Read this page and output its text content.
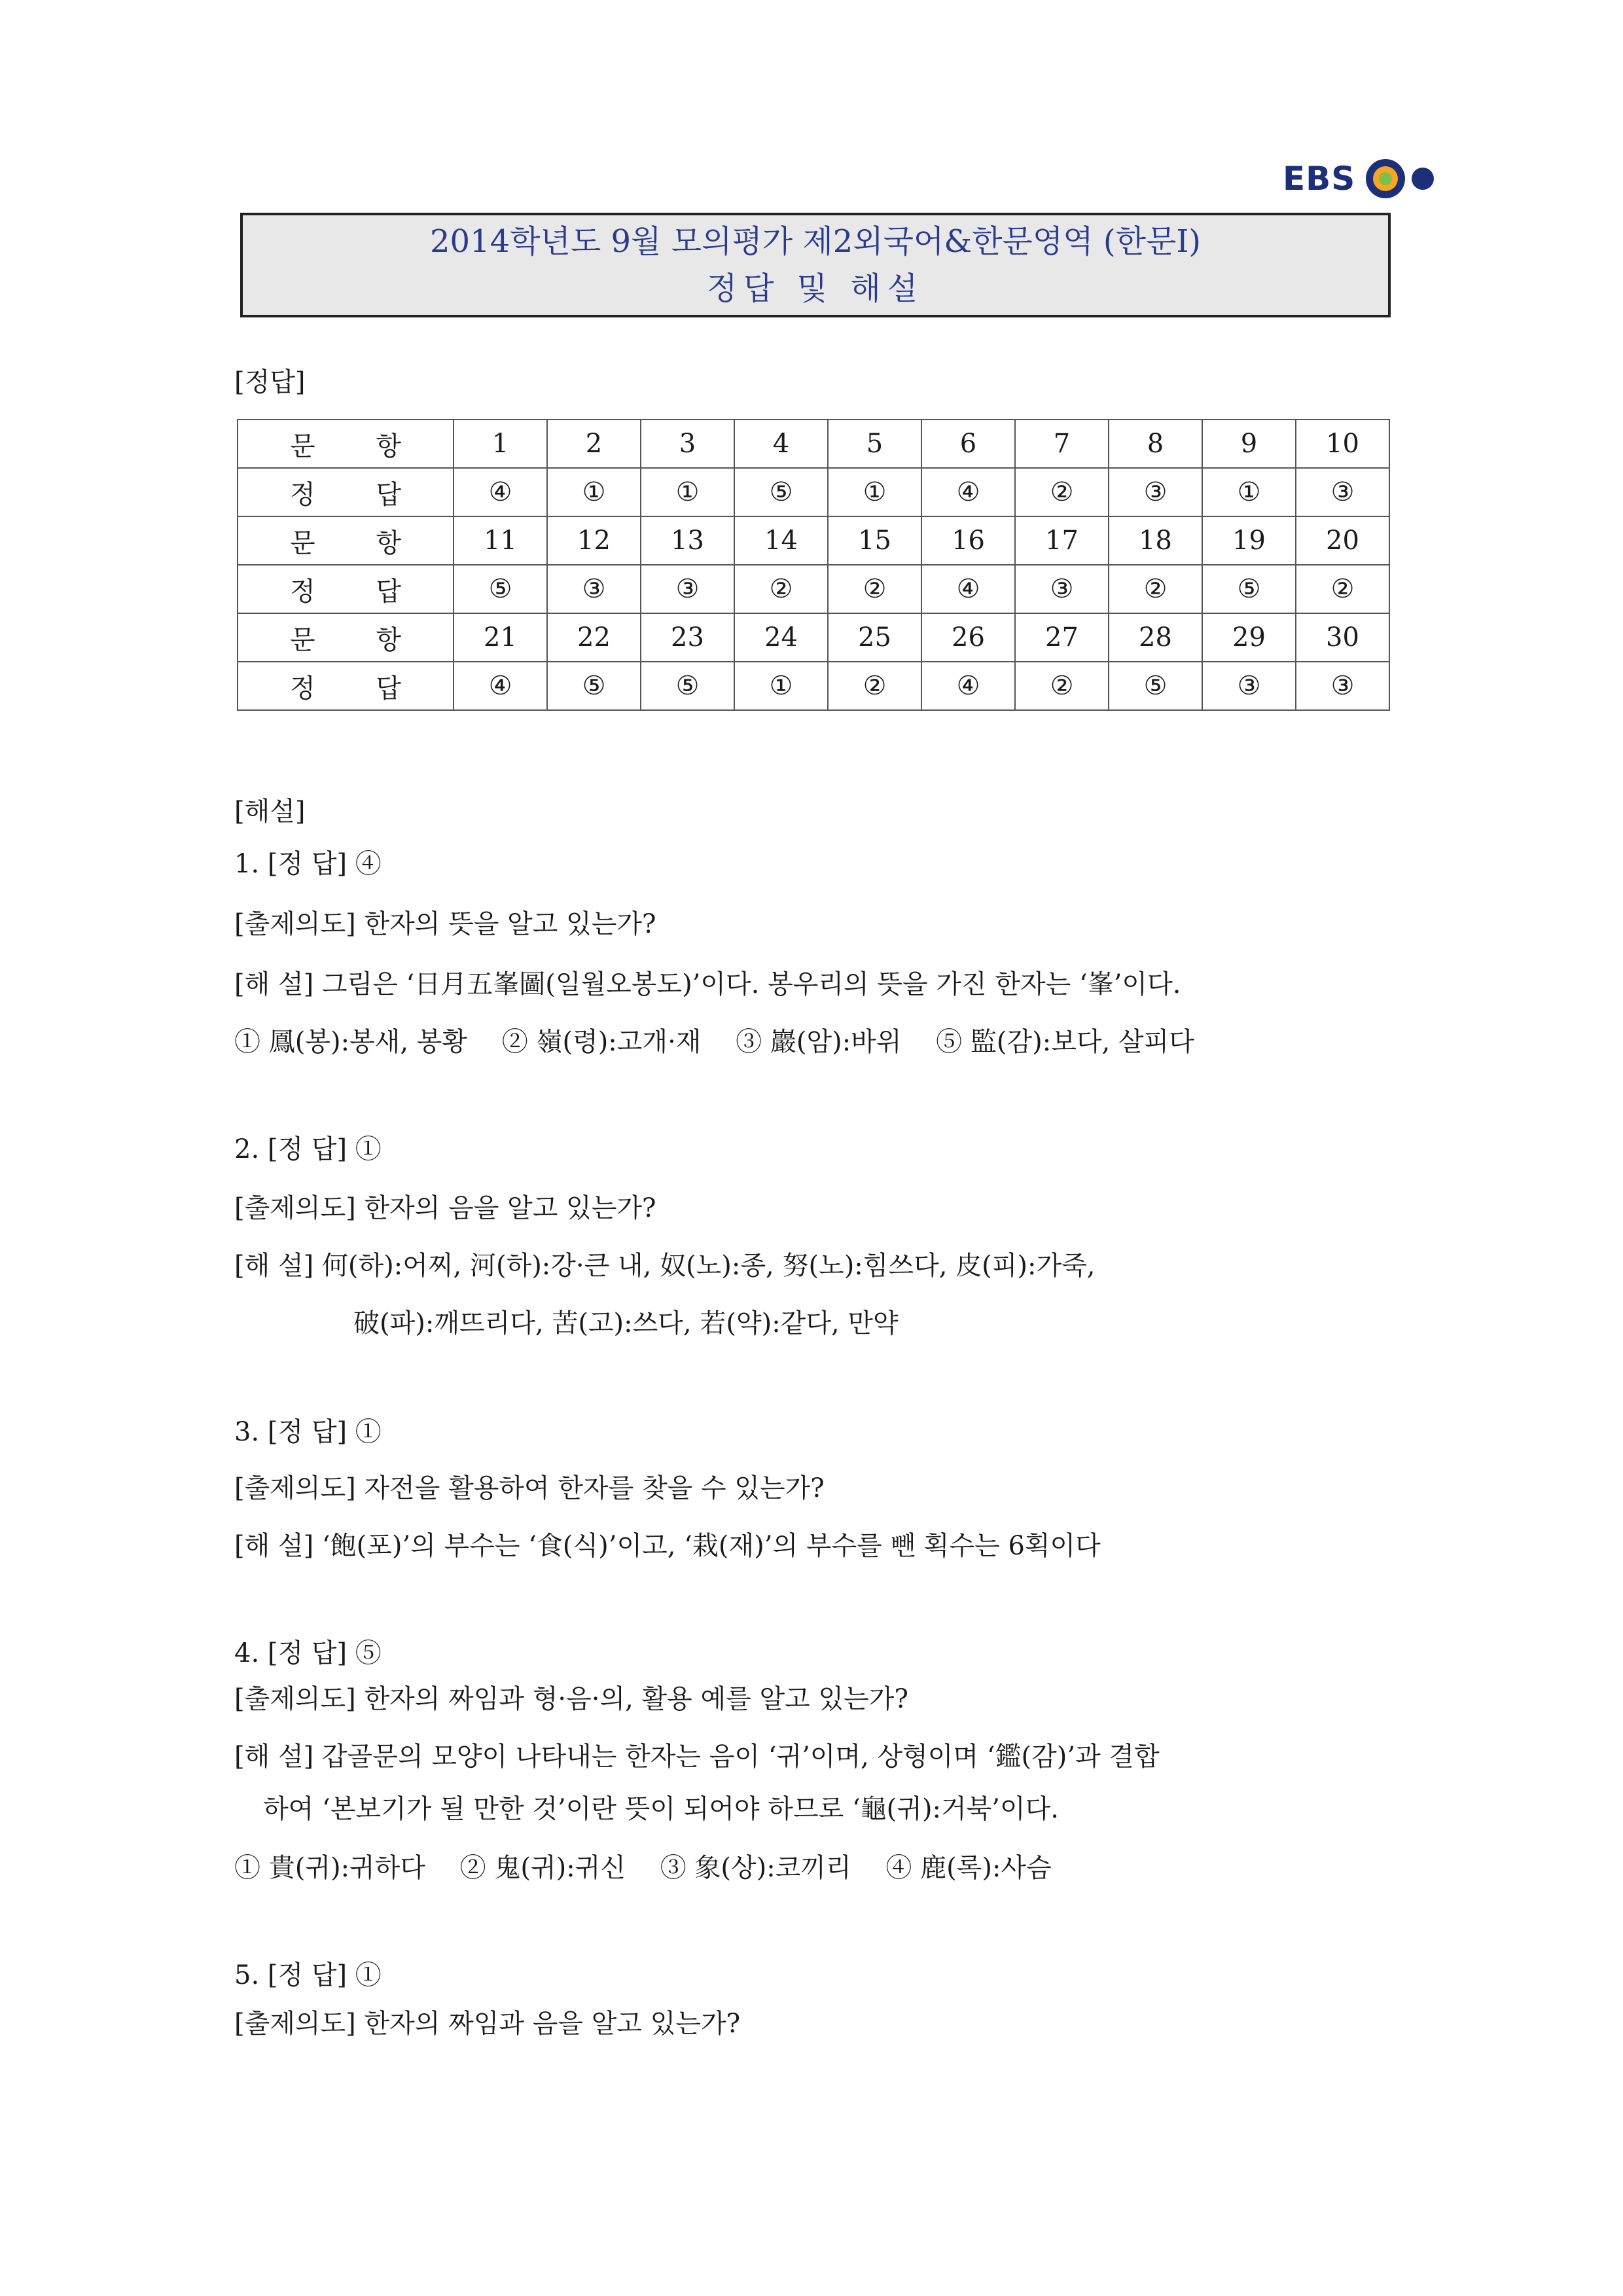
EBS
2014학년도 9월 모의평가 제2외국어&한문영역 (한문I)
정답 및 해설
[정답]
문 항	1	2	3	4	5	6	7	8	9	10
정 답	④	①	①	⑤	①	④	②	③	①	③
문 항	11	12	13	14	15	16	17	18	19	20
정 답	⑤	③	③	②	②	④	③	②	⑤	②
문 항	21	22	23	24	25	26	27	28	29	30
정 답	④	⑤	⑤	①	②	④	②	⑤	③	③
[해설]
1. [정 답] ④
[출제의도] 한자의 뜻을 알고 있는가?
[해 설] 그림은 ‘日月五峯圖(일월오봉도)’이다. 봉우리의 뜻을 가진 한자는 ‘峯’이다.
① 鳳(봉):봉새, 봉황　 ② 嶺(령):고개·재　 ③ 巖(암):바위　 ⑤ 監(감):보다, 살피다
2. [정 답] ①
[출제의도] 한자의 음을 알고 있는가?
[해 설] 何(하):어찌, 河(하):강·큰 내, 奴(노):종, 努(노):힘쓰다, 皮(피):가죽,
破(파):깨뜨리다, 苦(고):쓰다, 若(약):같다, 만약
3. [정 답] ①
[출제의도] 자전을 활용하여 한자를 찾을 수 있는가?
[해 설] ‘飽(포)’의 부수는 ‘食(식)’이고, ‘栽(재)’의 부수를 뺀 획수는 6획이다
4. [정 답] ⑤
[출제의도] 한자의 짜임과 형·음·의, 활용 예를 알고 있는가?
[해 설] 갑골문의 모양이 나타내는 한자는 음이 ‘귀’이며, 상형이며 ‘鑑(감)’과 결합
하여 ‘본보기가 될 만한 것’이란 뜻이 되어야 하므로 ‘龜(귀):거북’이다.
① 貴(귀):귀하다　 ② 鬼(귀):귀신　 ③ 象(상):코끼리　 ④ 鹿(록):사슴
5. [정 답] ①
[출제의도] 한자의 짜임과 음을 알고 있는가?
